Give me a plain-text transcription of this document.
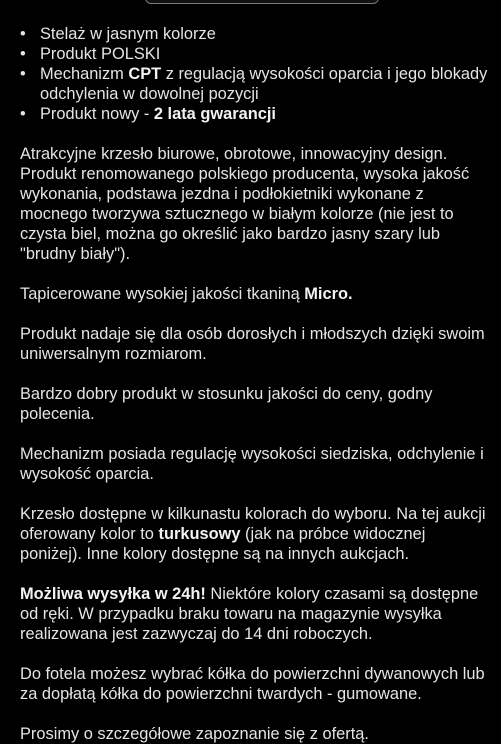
• Stelaż w jasnym kolorze
• Produkt POLSKI
• Mechanizm CPT z regulacją wysokości oparcia i jego blokady odchylenia w dowolnej pozycji
• Produkt nowy - 2 lata gwarancji

Atrakcyjne krzesło biurowe, obrotowe, innowacyjny design. Produkt renomowanego polskiego producenta, wysoka jakość wykonania, podstawa jezdna i podłokietniki wykonane z mocnego tworzywa sztucznego w białym kolorze (nie jest to czysta biel, można go określić jako bardzo jasny szary lub "brudny biały").

Tapicerowane wysokiej jakości tkaniną Micro.

Produkt nadaje się dla osób dorosłych i młodszych dzięki swoim uniwersalnym rozmiarom.

Bardzo dobry produkt w stosunku jakości do ceny, godny polecenia.

Mechanizm posiada regulację wysokości siedziska, odchylenie i wysokość oparcia.

Krzesło dostępne w kilkunastu kolorach do wyboru. Na tej aukcji oferowany kolor to turkusowy (jak na próbce widocznej poniżej). Inne kolory dostępne są na innych aukcjach.

Możliwa wysyłka w 24h! Niektóre kolory czasami są dostępne od ręki. W przypadku braku towaru na magazynie wysyłka realizowana jest zazwyczaj do 14 dni roboczych.

Do fotela możesz wybrać kółka do powierzchni dywanowych lub za dopłatą kółka do powierzchni twardych - gumowane.

Prosimy o szczegółowe zapoznanie się z ofertą.
